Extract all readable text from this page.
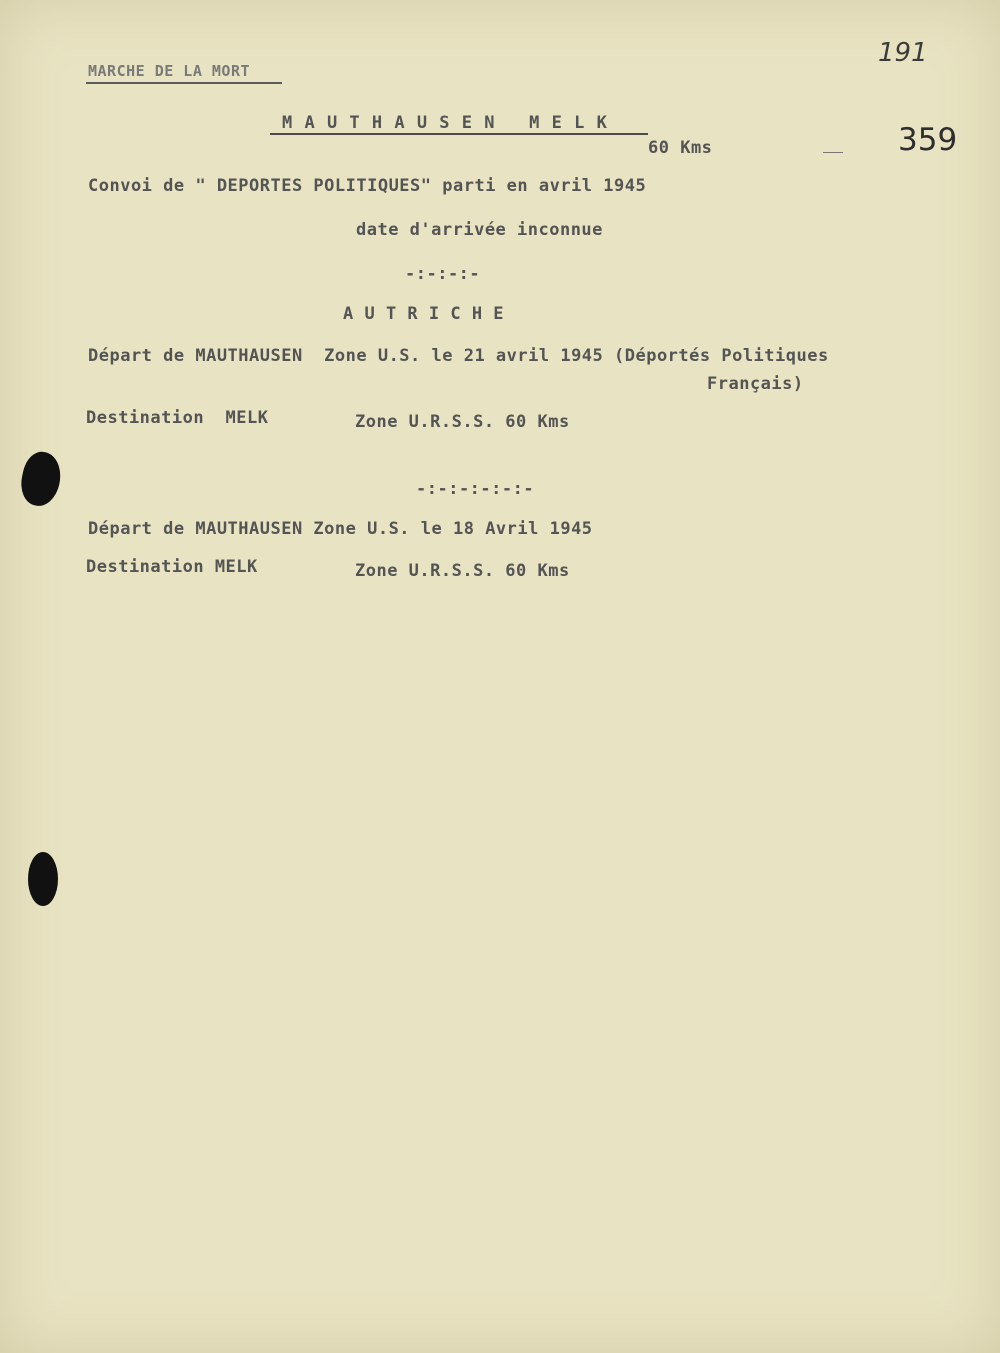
MARCHE DE LA MORT
191
M A U T H A U S E N   M E L K
60 Kms	359
Convoi de " DEPORTES POLITIQUES" parti en avril 1945
date d'arrivée inconnue
-:-:-:-
A U T R I C H E
Départ de MAUTHAUSEN  Zone U.S. le 21 avril 1945 (Déportés Politiques
Français)
Destination  MELK	Zone U.R.S.S. 60 Kms
-:-:-:-:-:-
Départ de MAUTHAUSEN Zone U.S. le 18 Avril 1945
Destination MELK	Zone U.R.S.S. 60 Kms
